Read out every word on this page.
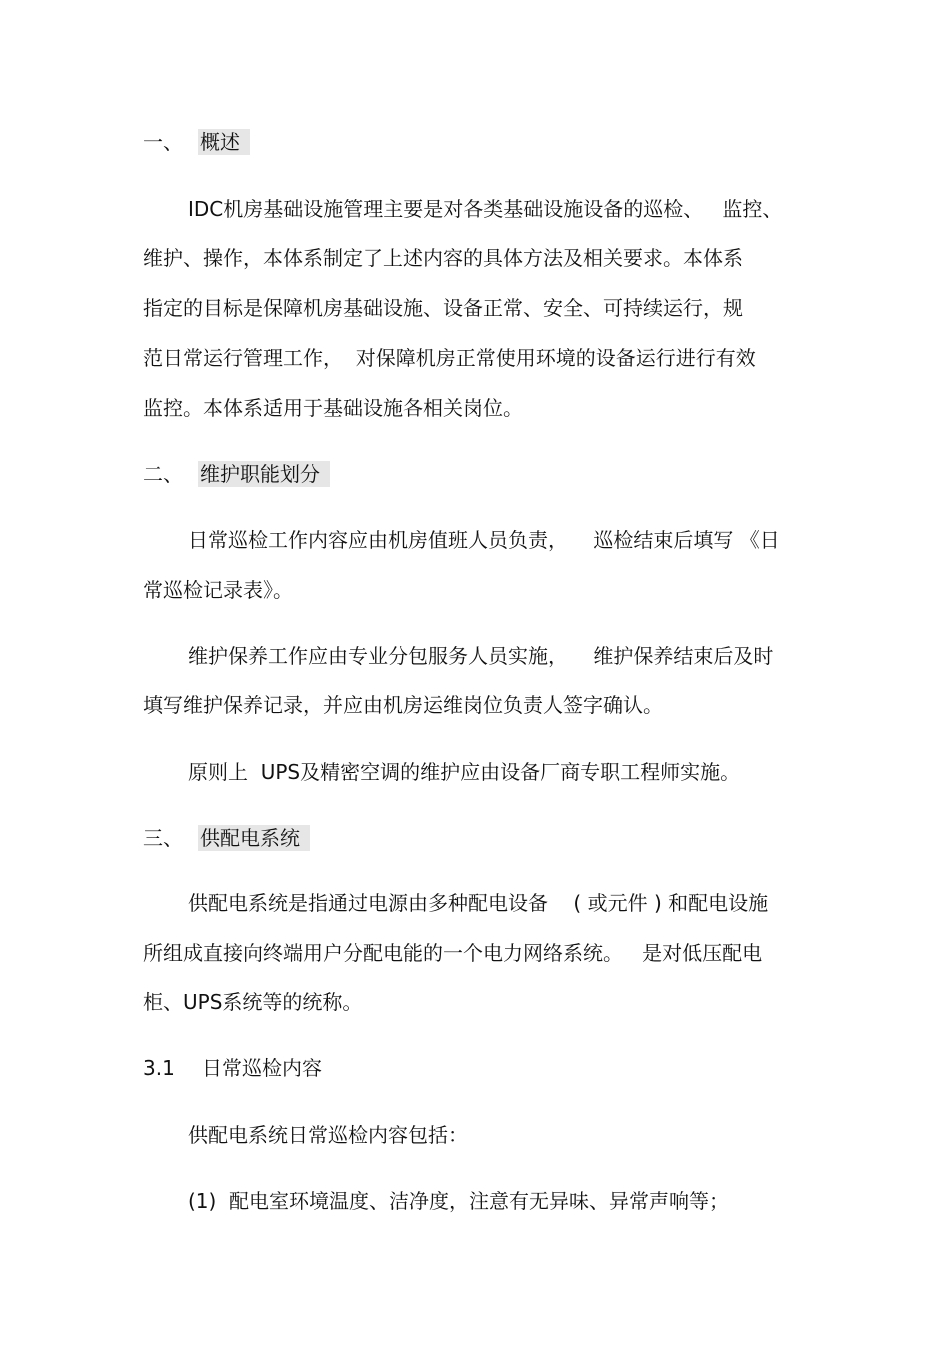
一、 概述
IDC机房基础设施管理主要是对各类基础设施设备的巡检、   监控、
维护、操作，本体系制定了上述内容的具体方法及相关要求。本体系
指定的目标是保障机房基础设施、设备正常、安全、可持续运行，规
范日常运行管理工作，  对保障机房正常使用环境的设备运行进行有效
监控。本体系适用于基础设施各相关岗位。
二、 维护职能划分
日常巡检工作内容应由机房值班人员负责，    巡检结束后填写 《日
常巡检记录表》。
维护保养工作应由专业分包服务人员实施，    维护保养结束后及时
填写维护保养记录，并应由机房运维岗位负责人签字确认。
原则上  UPS及精密空调的维护应由设备厂商专职工程师实施。
三、 供配电系统
供配电系统是指通过电源由多种配电设备    ( 或元件 ) 和配电设施
所组成直接向终端用户分配电能的一个电力网络系统。   是对低压配电
柜、UPS系统等的统称。
3.1 日常巡检内容
供配电系统日常巡检内容包括：
(1)  配电室环境温度、洁净度，注意有无异味、异常声响等；
